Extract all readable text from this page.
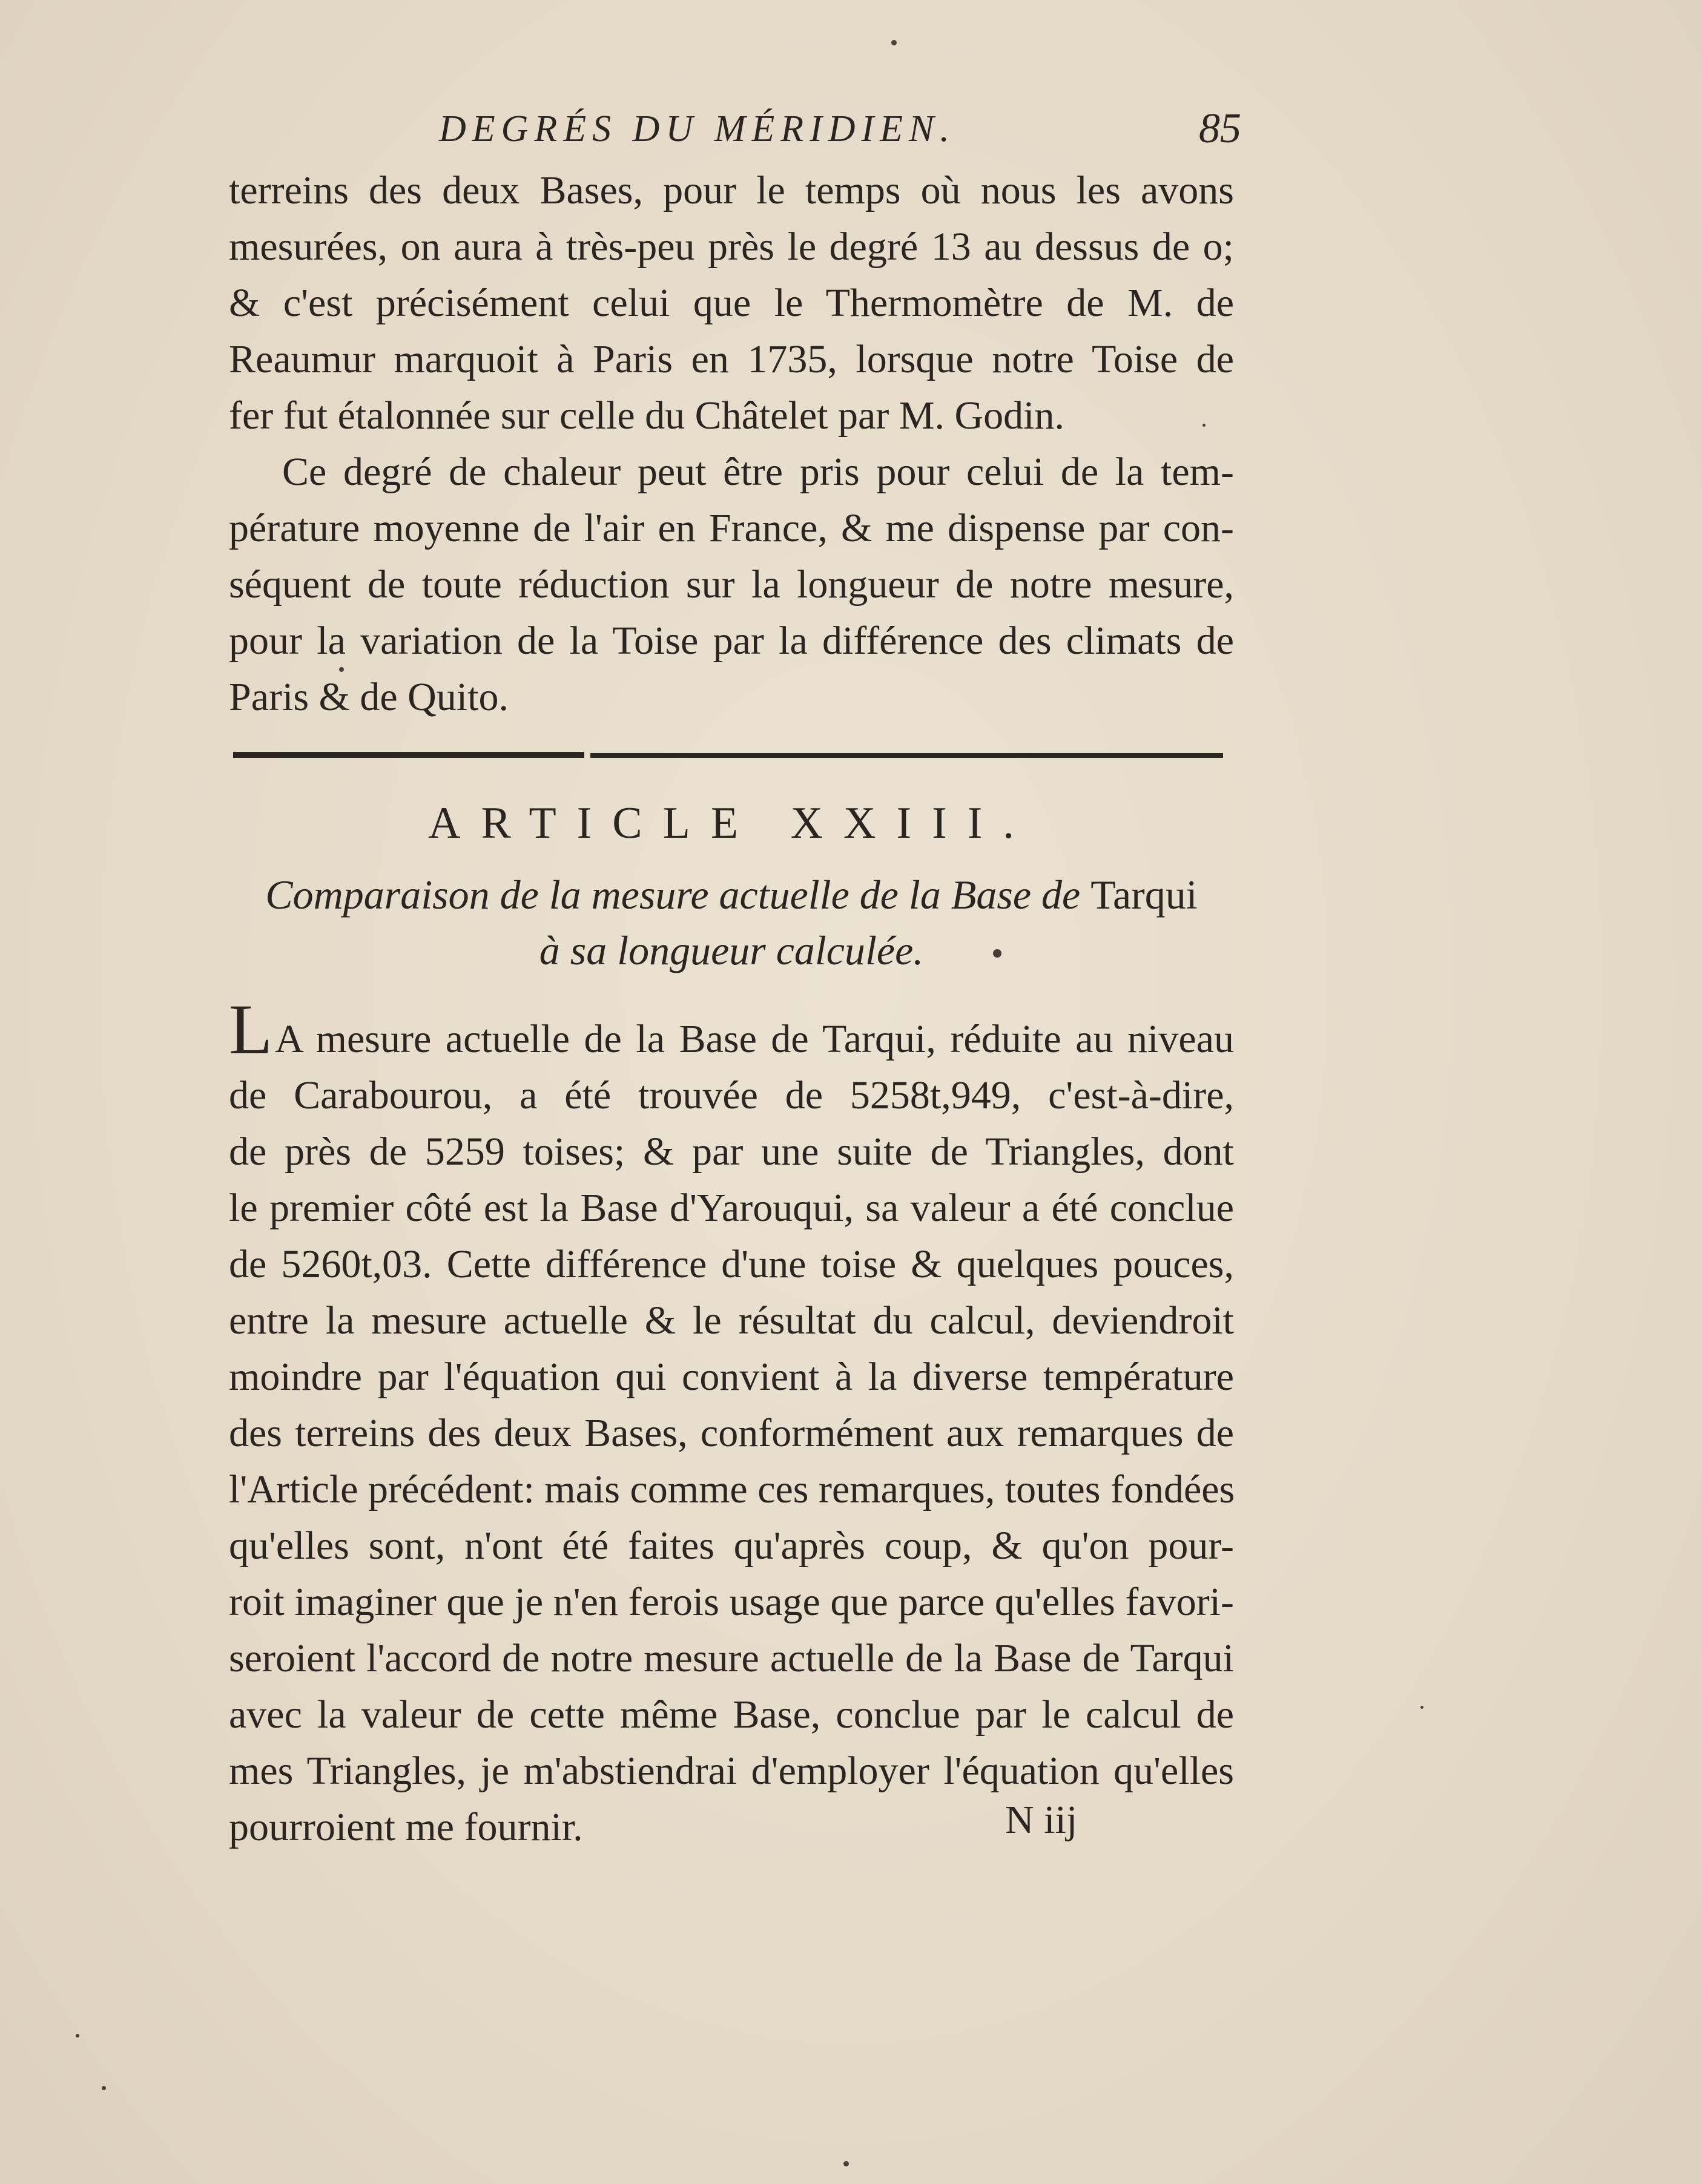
DEGRÉS DU MÉRIDIEN.	85
terreins des deux Bases, pour le temps où nous les avons
mesurées, on aura à très-peu près le degré 13 au dessus de o;
& c'est précisément celui que le Thermomètre de M. de
Reaumur marquoit à Paris en 1735, lorsque notre Toise de
fer fut étalonnée sur celle du Châtelet par M. Godin.
Ce degré de chaleur peut être pris pour celui de la tem-
pérature moyenne de l'air en France, & me dispense par con-
séquent de toute réduction sur la longueur de notre mesure,
pour la variation de la Toise par la différence des climats de
Paris & de Quito.
ARTICLE XXIII.
Comparaison de la mesure actuelle de la Base de Tarqui
à sa longueur calculée.
LA mesure actuelle de la Base de Tarqui, réduite au niveau
de Carabourou, a été trouvée de 5258t,949, c'est-à-dire,
de près de 5259 toises; & par une suite de Triangles, dont
le premier côté est la Base d'Yarouqui, sa valeur a été conclue
de 5260t,03. Cette différence d'une toise & quelques pouces,
entre la mesure actuelle & le résultat du calcul, deviendroit
moindre par l'équation qui convient à la diverse température
des terreins des deux Bases, conformément aux remarques de
l'Article précédent: mais comme ces remarques, toutes fondées
qu'elles sont, n'ont été faites qu'après coup, & qu'on pour-
roit imaginer que je n'en ferois usage que parce qu'elles favori-
seroient l'accord de notre mesure actuelle de la Base de Tarqui
avec la valeur de cette même Base, conclue par le calcul de
mes Triangles, je m'abstiendrai d'employer l'équation qu'elles
pourroient me fournir.	N iij
